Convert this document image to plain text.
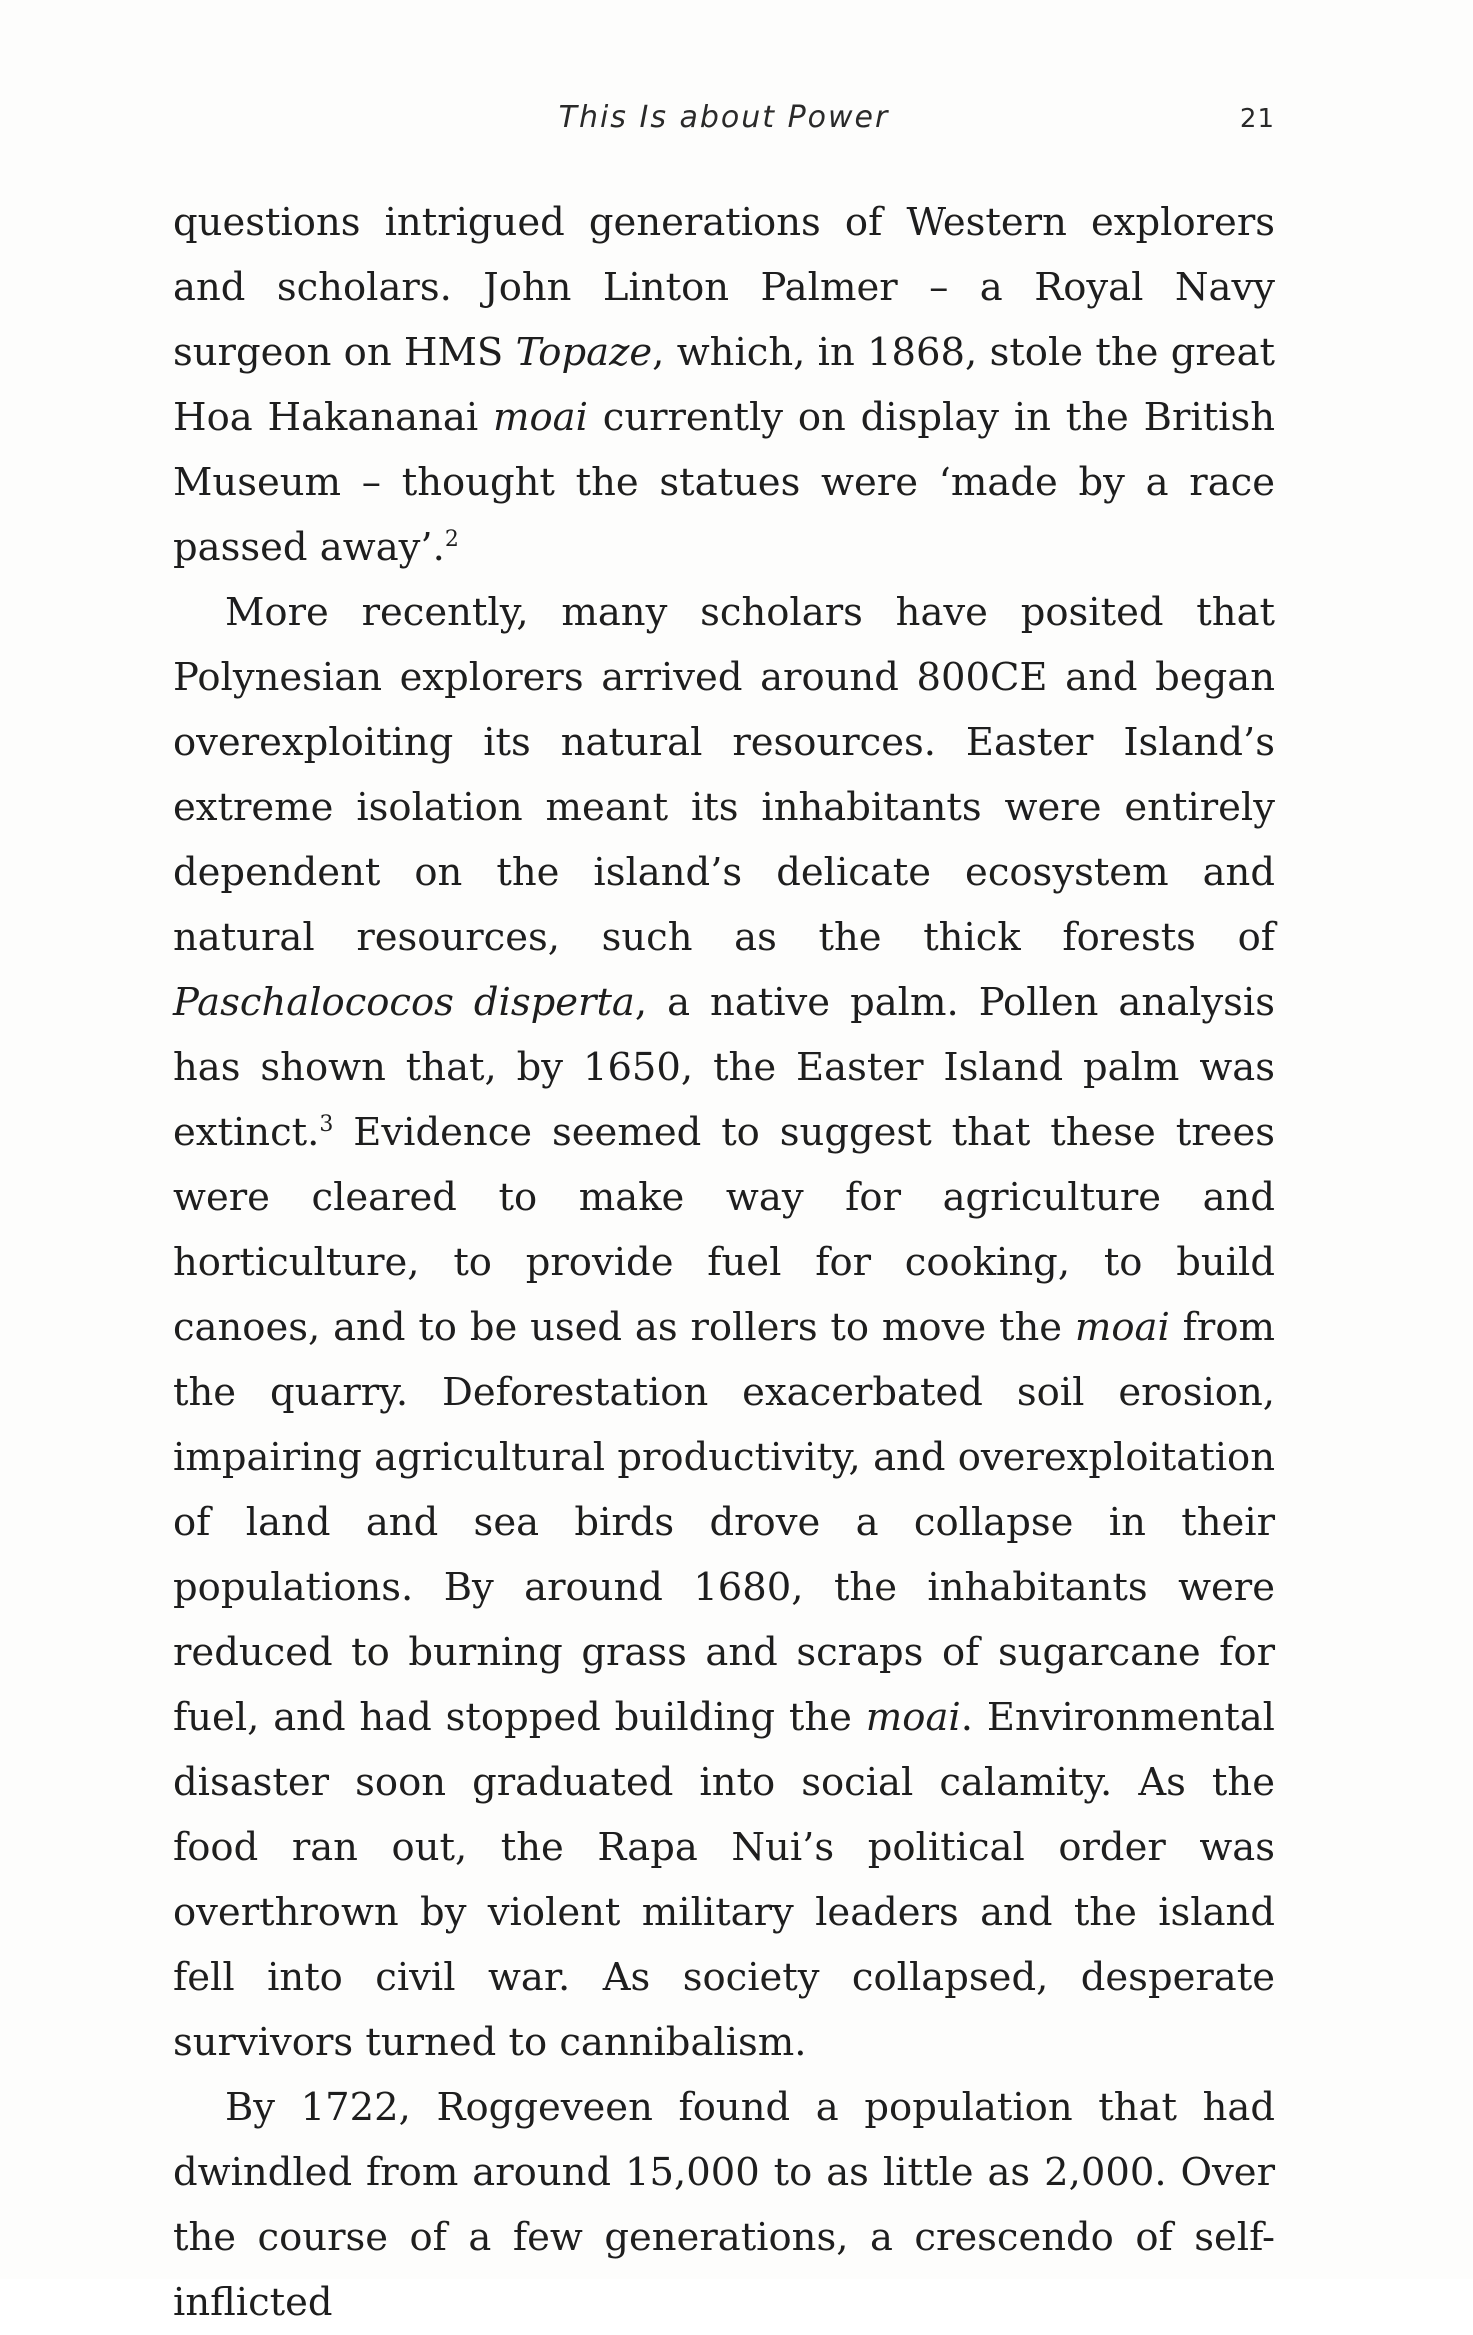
This Is about Power	21

questions intrigued generations of Western explorers and scholars. John Linton Palmer – a Royal Navy surgeon on HMS Topaze, which, in 1868, stole the great Hoa Hakananai moai currently on display in the British Museum – thought the statues were ‘made by a race passed away’.$^2$

More recently, many scholars have posited that Polynesian explorers arrived around 800CE and began overexploiting its natural resources. Easter Island’s extreme isolation meant its inhabitants were entirely dependent on the island’s delicate ecosystem and natural resources, such as the thick forests of Paschalococos disperta, a native palm. Pollen analysis has shown that, by 1650, the Easter Island palm was extinct.$^3$ Evidence seemed to suggest that these trees were cleared to make way for agriculture and horticulture, to provide fuel for cooking, to build canoes, and to be used as rollers to move the moai from the quarry. Deforestation exacerbated soil erosion, impairing agricultural productivity, and overexploitation of land and sea birds drove a collapse in their populations. By around 1680, the inhabitants were reduced to burning grass and scraps of sugarcane for fuel, and had stopped building the moai. Environmental disaster soon graduated into social calamity. As the food ran out, the Rapa Nui’s political order was overthrown by violent military leaders and the island fell into civil war. As society collapsed, desperate survivors turned to cannibalism.

By 1722, Roggeveen found a population that had dwindled from around 15,000 to as little as 2,000. Over the course of a few generations, a crescendo of self-inflicted
